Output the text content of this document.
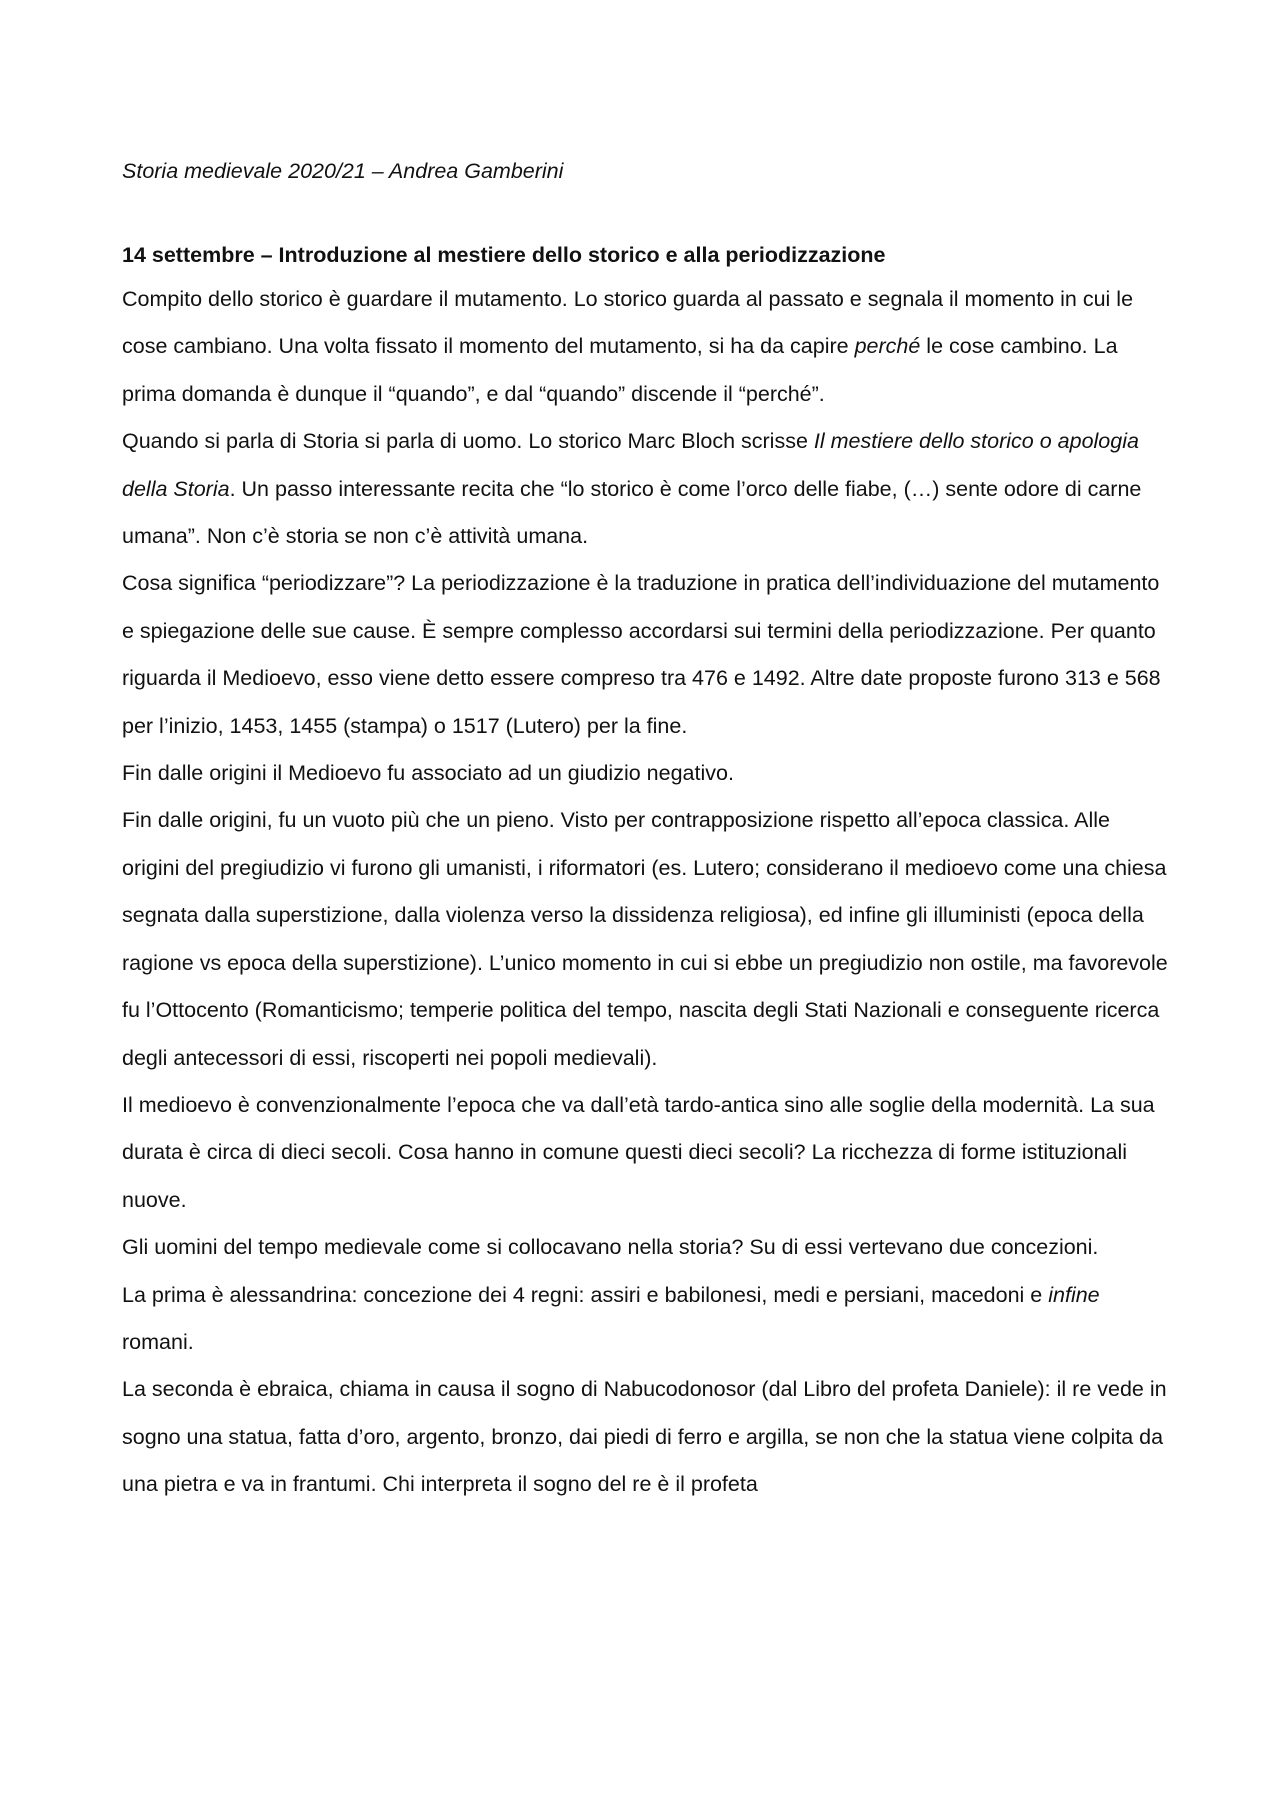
Storia medievale 2020/21 – Andrea Gamberini
14 settembre – Introduzione al mestiere dello storico e alla periodizzazione

Compito dello storico è guardare il mutamento. Lo storico guarda al passato e segnala il momento in cui le cose cambiano. Una volta fissato il momento del mutamento, si ha da capire perché le cose cambino. La prima domanda è dunque il “quando”, e dal “quando” discende il “perché”.

Quando si parla di Storia si parla di uomo. Lo storico Marc Bloch scrisse Il mestiere dello storico o apologia della Storia. Un passo interessante recita che “lo storico è come l’orco delle fiabe, (…) sente odore di carne umana”. Non c’è storia se non c’è attività umana.

Cosa significa “periodizzare”? La periodizzazione è la traduzione in pratica dell’individuazione del mutamento e spiegazione delle sue cause. È sempre complesso accordarsi sui termini della periodizzazione. Per quanto riguarda il Medioevo, esso viene detto essere compreso tra 476 e 1492. Altre date proposte furono 313 e 568 per l’inizio, 1453, 1455 (stampa) o 1517 (Lutero) per la fine.

Fin dalle origini il Medioevo fu associato ad un giudizio negativo.

Fin dalle origini, fu un vuoto più che un pieno. Visto per contrapposizione rispetto all’epoca classica. Alle origini del pregiudizio vi furono gli umanisti, i riformatori (es. Lutero; considerano il medioevo come una chiesa segnata dalla superstizione, dalla violenza verso la dissidenza religiosa), ed infine gli illuministi (epoca della ragione vs epoca della superstizione). L’unico momento in cui si ebbe un pregiudizio non ostile, ma favorevole fu l’Ottocento (Romanticismo; temperie politica del tempo, nascita degli Stati Nazionali e conseguente ricerca degli antecessori di essi, riscoperti nei popoli medievali).

Il medioevo è convenzionalmente l’epoca che va dall’età tardo-antica sino alle soglie della modernità. La sua durata è circa di dieci secoli. Cosa hanno in comune questi dieci secoli? La ricchezza di forme istituzionali nuove.

Gli uomini del tempo medievale come si collocavano nella storia? Su di essi vertevano due concezioni.

La prima è alessandrina: concezione dei 4 regni: assiri e babilonesi, medi e persiani, macedoni e infine romani.

La seconda è ebraica, chiama in causa il sogno di Nabucodonosor (dal Libro del profeta Daniele): il re vede in sogno una statua, fatta d’oro, argento, bronzo, dai piedi di ferro e argilla, se non che la statua viene colpita da una pietra e va in frantumi. Chi interpreta il sogno del re è il profeta
